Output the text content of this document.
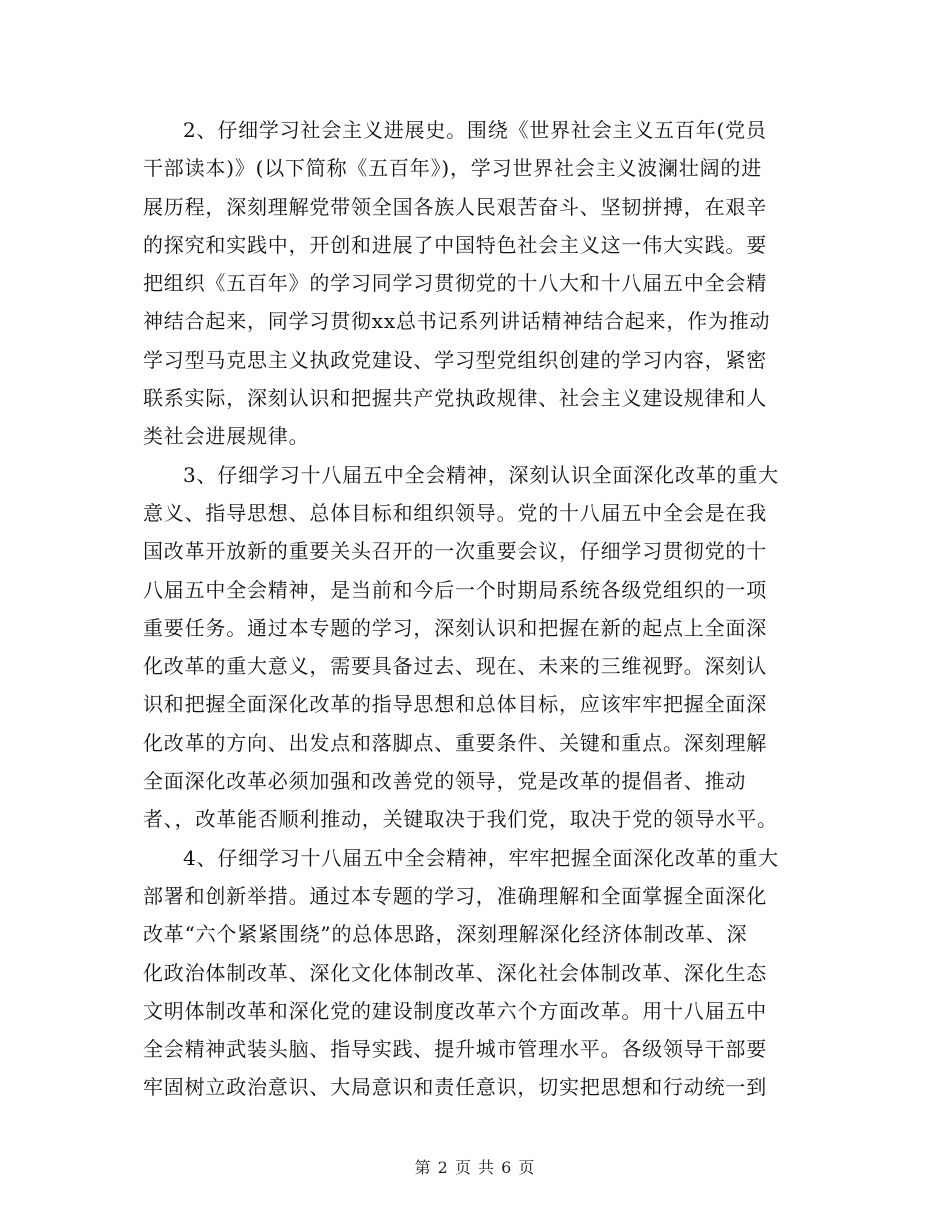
2、仔细学习社会主义进展史。围绕《世界社会主义五百年(党员
干部读本)》(以下简称《五百年》)，学习世界社会主义波澜壮阔的进
展历程，深刻理解党带领全国各族人民艰苦奋斗、坚韧拼搏，在艰辛
的探究和实践中，开创和进展了中国特色社会主义这一伟大实践。要
把组织《五百年》的学习同学习贯彻党的十八大和十八届五中全会精
神结合起来，同学习贯彻xx总书记系列讲话精神结合起来，作为推动
学习型马克思主义执政党建设、学习型党组织创建的学习内容，紧密
联系实际，深刻认识和把握共产党执政规律、社会主义建设规律和人
类社会进展规律。

3、仔细学习十八届五中全会精神，深刻认识全面深化改革的重大
意义、指导思想、总体目标和组织领导。党的十八届五中全会是在我
国改革开放新的重要关头召开的一次重要会议，仔细学习贯彻党的十
八届五中全会精神，是当前和今后一个时期局系统各级党组织的一项
重要任务。通过本专题的学习，深刻认识和把握在新的起点上全面深
化改革的重大意义，需要具备过去、现在、未来的三维视野。深刻认
识和把握全面深化改革的指导思想和总体目标，应该牢牢把握全面深
化改革的方向、出发点和落脚点、重要条件、关键和重点。深刻理解
全面深化改革必须加强和改善党的领导，党是改革的提倡者、推动
者、，改革能否顺利推动，关键取决于我们党，取决于党的领导水平。

4、仔细学习十八届五中全会精神，牢牢把握全面深化改革的重大
部署和创新举措。通过本专题的学习，准确理解和全面掌握全面深化
改革“六个紧紧围绕”的总体思路，深刻理解深化经济体制改革、深
化政治体制改革、深化文化体制改革、深化社会体制改革、深化生态
文明体制改革和深化党的建设制度改革六个方面改革。用十八届五中
全会精神武装头脑、指导实践、提升城市管理水平。各级领导干部要
牢固树立政治意识、大局意识和责任意识，切实把思想和行动统一到

第 2 页 共 6 页
